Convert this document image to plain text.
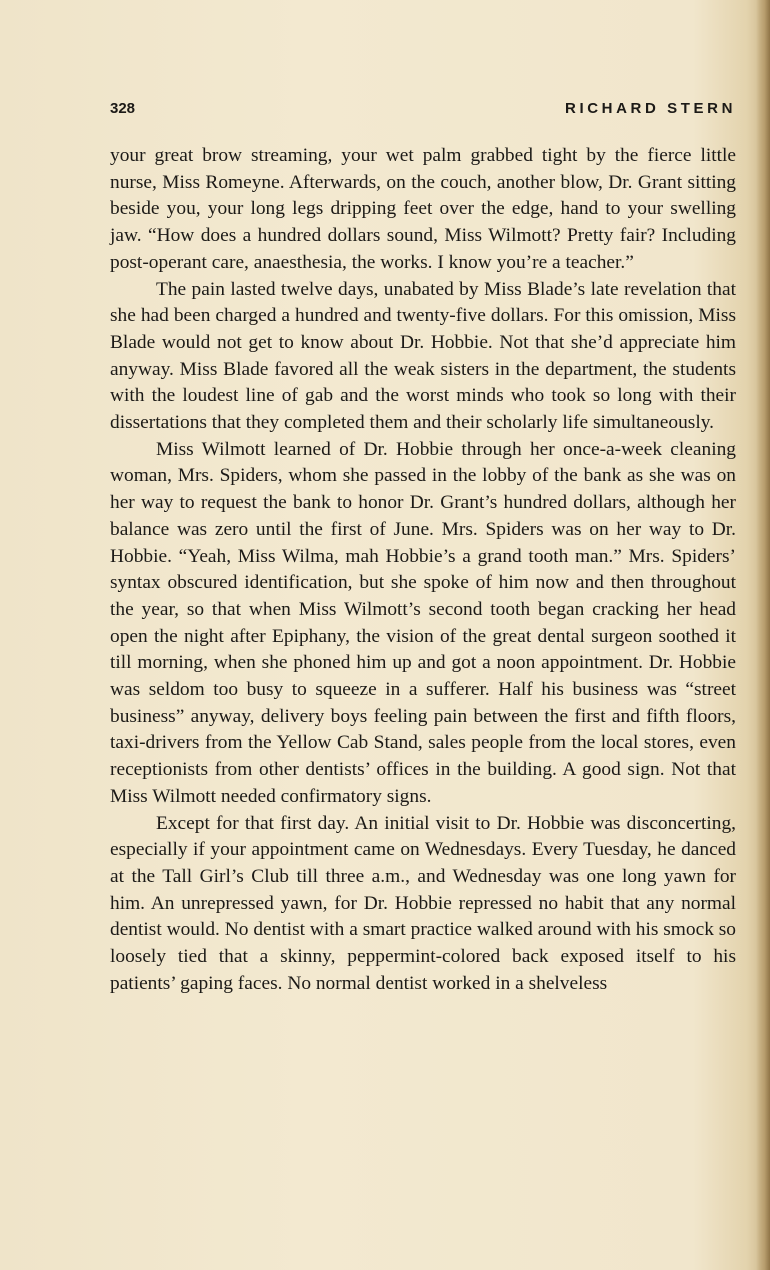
328	RICHARD STERN

your great brow streaming, your wet palm grabbed tight by the fierce little nurse, Miss Romeyne. Afterwards, on the couch, another blow, Dr. Grant sitting beside you, your long legs dripping feet over the edge, hand to your swelling jaw. “How does a hundred dollars sound, Miss Wilmott? Pretty fair? Including post-operant care, anaesthesia, the works. I know you’re a teacher.”

The pain lasted twelve days, unabated by Miss Blade’s late revelation that she had been charged a hundred and twenty-five dollars. For this omission, Miss Blade would not get to know about Dr. Hobbie. Not that she’d appreciate him anyway. Miss Blade favored all the weak sisters in the department, the students with the loudest line of gab and the worst minds who took so long with their dissertations that they completed them and their scholarly life simultaneously.

Miss Wilmott learned of Dr. Hobbie through her once-a-week cleaning woman, Mrs. Spiders, whom she passed in the lobby of the bank as she was on her way to request the bank to honor Dr. Grant’s hundred dollars, although her balance was zero until the first of June. Mrs. Spiders was on her way to Dr. Hobbie. “Yeah, Miss Wilma, mah Hobbie’s a grand tooth man.” Mrs. Spiders’ syntax obscured identification, but she spoke of him now and then throughout the year, so that when Miss Wilmott’s second tooth began cracking her head open the night after Epiphany, the vision of the great dental surgeon soothed it till morning, when she phoned him up and got a noon appointment. Dr. Hobbie was seldom too busy to squeeze in a sufferer. Half his business was “street business” anyway, delivery boys feeling pain between the first and fifth floors, taxi-drivers from the Yellow Cab Stand, sales people from the local stores, even receptionists from other dentists’ offices in the building. A good sign. Not that Miss Wilmott needed confirmatory signs.

Except for that first day. An initial visit to Dr. Hobbie was disconcerting, especially if your appointment came on Wednesdays. Every Tuesday, he danced at the Tall Girl’s Club till three a.m., and Wednesday was one long yawn for him. An unrepressed yawn, for Dr. Hobbie repressed no habit that any normal dentist would. No dentist with a smart practice walked around with his smock so loosely tied that a skinny, peppermint-colored back exposed itself to his patients’ gaping faces. No normal dentist worked in a shelveless
